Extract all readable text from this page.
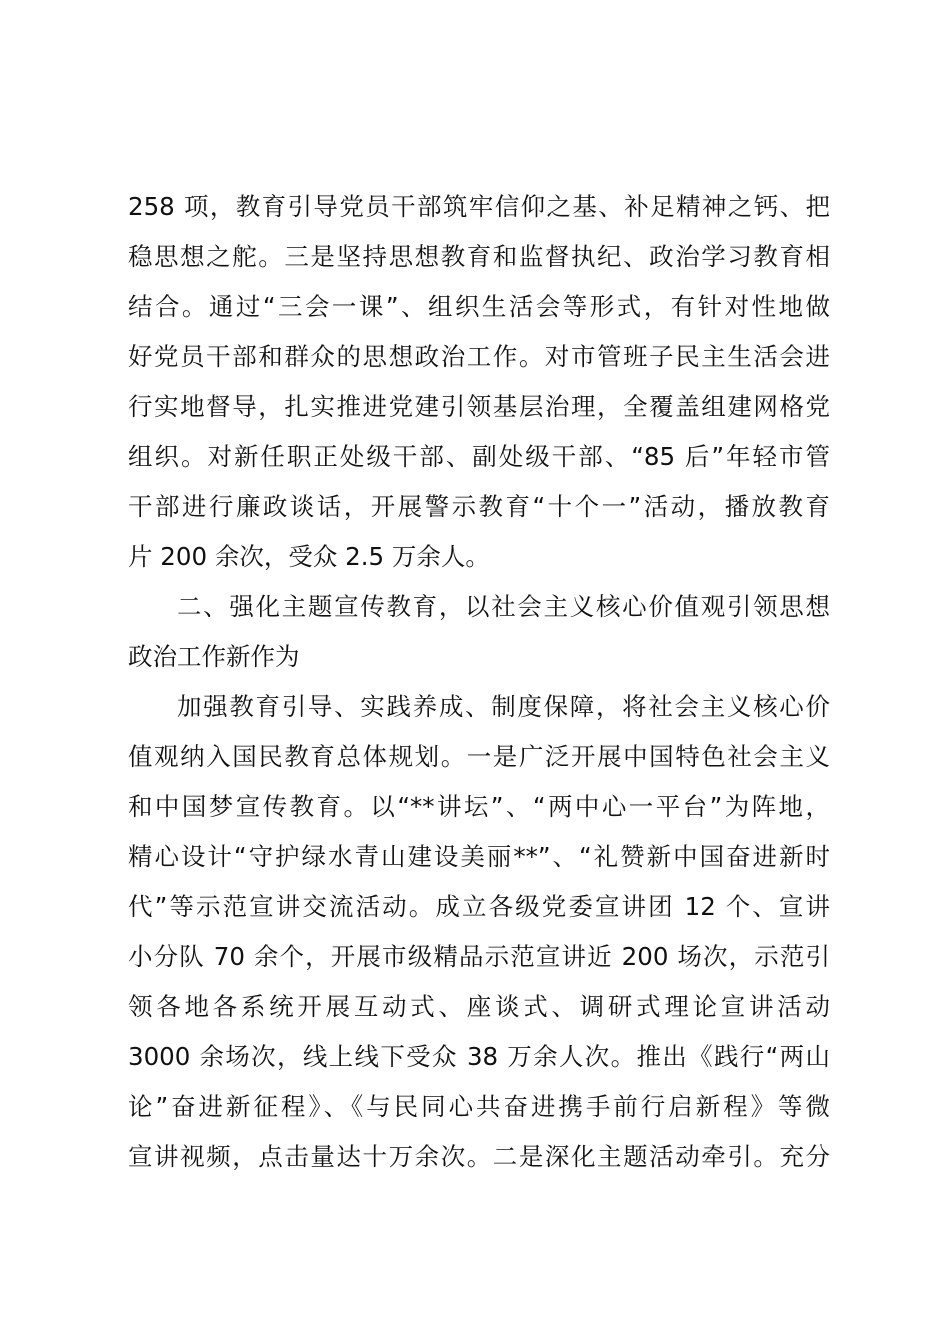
258 项，教育引导党员干部筑牢信仰之基、补足精神之钙、把
稳思想之舵。三是坚持思想教育和监督执纪、政治学习教育相
结合。通过“三会一课”、组织生活会等形式，有针对性地做
好党员干部和群众的思想政治工作。对市管班子民主生活会进
行实地督导，扎实推进党建引领基层治理，全覆盖组建网格党
组织。对新任职正处级干部、副处级干部、“85 后”年轻市管
干部进行廉政谈话，开展警示教育“十个一”活动，播放教育
片 200 余次，受众 2.5 万余人。

二、强化主题宣传教育，以社会主义核心价值观引领思想
政治工作新作为

加强教育引导、实践养成、制度保障，将社会主义核心价
值观纳入国民教育总体规划。一是广泛开展中国特色社会主义
和中国梦宣传教育。以“**讲坛”、“两中心一平台”为阵地，
精心设计“守护绿水青山建设美丽**”、“礼赞新中国奋进新时
代”等示范宣讲交流活动。成立各级党委宣讲团 12 个、宣讲
小分队 70 余个，开展市级精品示范宣讲近 200 场次，示范引
领各地各系统开展互动式、座谈式、调研式理论宣讲活动
3000 余场次，线上线下受众 38 万余人次。推出《践行“两山
论”奋进新征程》、《与民同心共奋进携手前行启新程》等微
宣讲视频，点击量达十万余次。二是深化主题活动牵引。充分
